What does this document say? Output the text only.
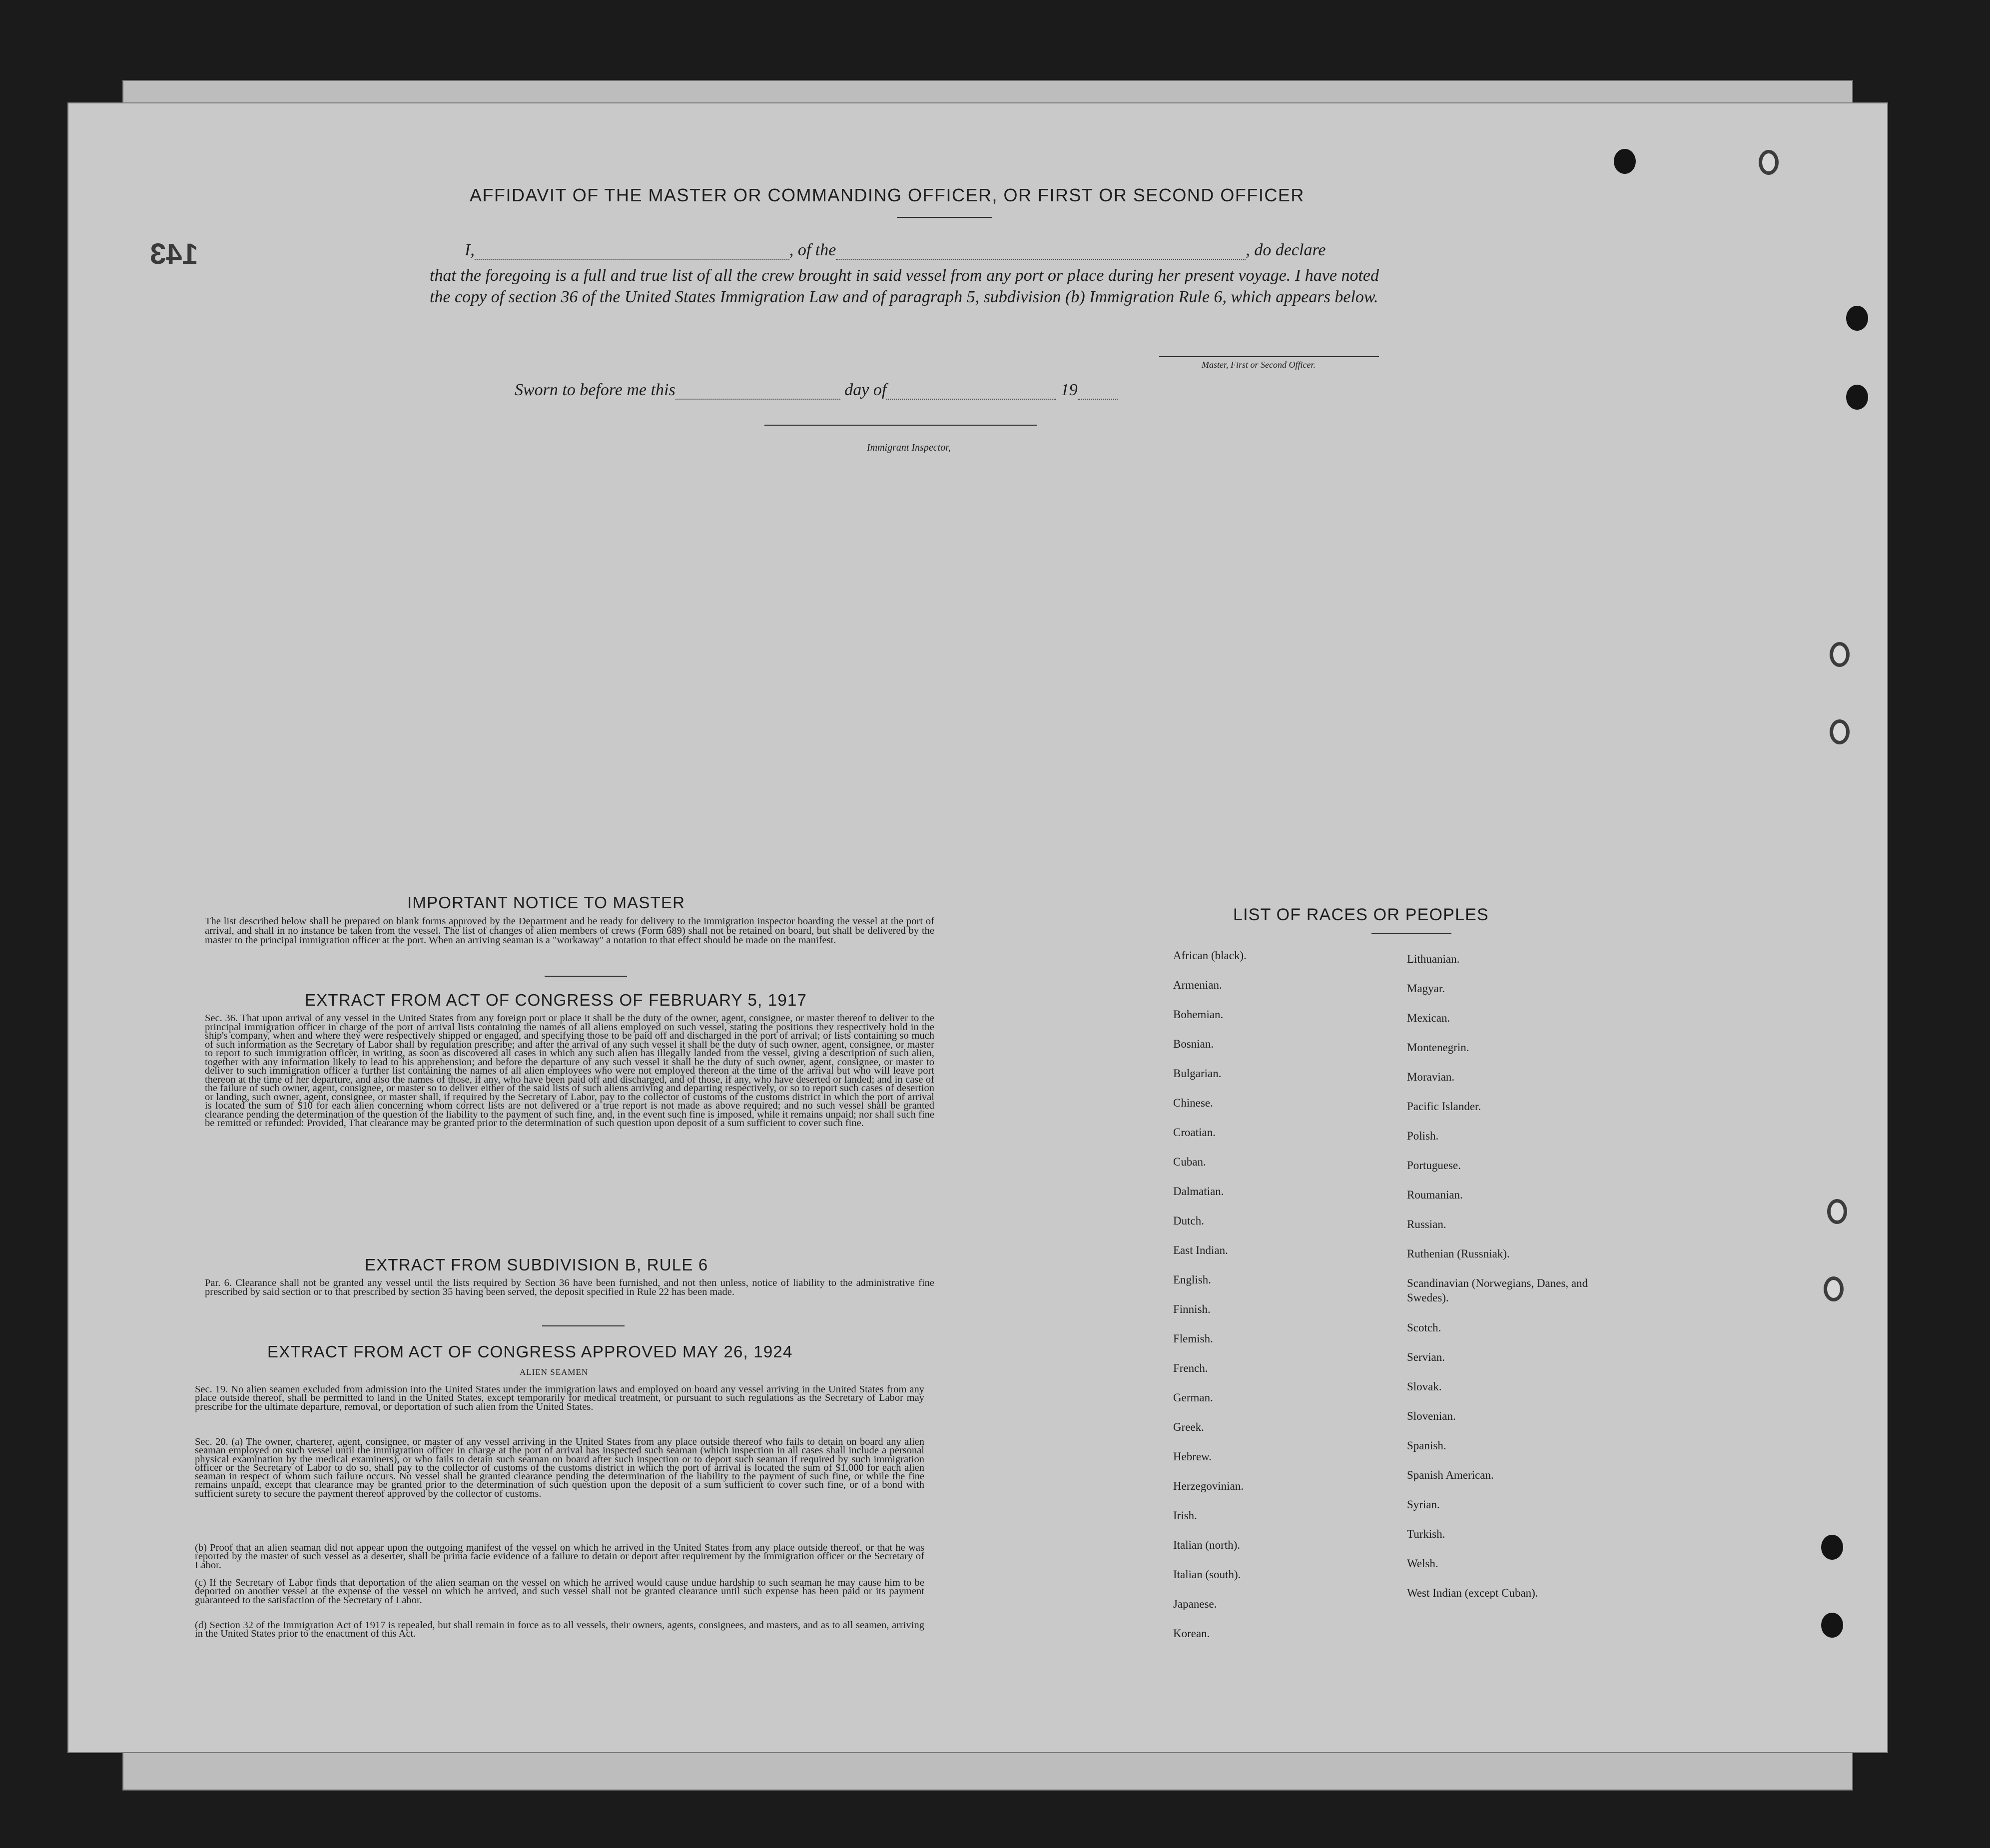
143
AFFIDAVIT OF THE MASTER OR COMMANDING OFFICER, OR FIRST OR SECOND OFFICER
I,	, of the	, do declare
that the foregoing is a full and true list of all the crew brought in said vessel from any port or place during her present voyage. I have noted the copy of section 36 of the United States Immigration Law and of paragraph 5, subdivision (b) Immigration Rule 6, which appears below.
Master, First or Second Officer.
Sworn to before me this	day of	19
Immigrant Inspector,
IMPORTANT NOTICE TO MASTER
The list described below shall be prepared on blank forms approved by the Department and be ready for delivery to the immigration inspector boarding the vessel at the port of arrival, and shall in no instance be taken from the vessel. The list of changes of alien members of crews (Form 689) shall not be retained on board, but shall be delivered by the master to the principal immigration officer at the port. When an arriving seaman is a "workaway" a notation to that effect should be made on the manifest.
EXTRACT FROM ACT OF CONGRESS OF FEBRUARY 5, 1917
Sec. 36. That upon arrival of any vessel in the United States from any foreign port or place it shall be the duty of the owner, agent, consignee, or master thereof to deliver to the principal immigration officer in charge of the port of arrival lists containing the names of all aliens employed on such vessel, stating the positions they respectively hold in the ship's company, when and where they were respectively shipped or engaged, and specifying those to be paid off and discharged in the port of arrival; or lists containing so much of such information as the Secretary of Labor shall by regulation prescribe; and after the arrival of any such vessel it shall be the duty of such owner, agent, consignee, or master to report to such immigration officer, in writing, as soon as discovered all cases in which any such alien has illegally landed from the vessel, giving a description of such alien, together with any information likely to lead to his apprehension; and before the departure of any such vessel it shall be the duty of such owner, agent, consignee, or master to deliver to such immigration officer a further list containing the names of all alien employees who were not employed thereon at the time of the arrival but who will leave port thereon at the time of her departure, and also the names of those, if any, who have been paid off and discharged, and of those, if any, who have deserted or landed; and in case of the failure of such owner, agent, consignee, or master so to deliver either of the said lists of such aliens arriving and departing respectively, or so to report such cases of desertion or landing, such owner, agent, consignee, or master shall, if required by the Secretary of Labor, pay to the collector of customs of the customs district in which the port of arrival is located the sum of $10 for each alien concerning whom correct lists are not delivered or a true report is not made as above required; and no such vessel shall be granted clearance pending the determination of the question of the liability to the payment of such fine, and, in the event such fine is imposed, while it remains unpaid; nor shall such fine be remitted or refunded: Provided, That clearance may be granted prior to the determination of such question upon deposit of a sum sufficient to cover such fine.
EXTRACT FROM SUBDIVISION B, RULE 6
Par. 6. Clearance shall not be granted any vessel until the lists required by Section 36 have been furnished, and not then unless, notice of liability to the administrative fine prescribed by said section or to that prescribed by section 35 having been served, the deposit specified in Rule 22 has been made.
EXTRACT FROM ACT OF CONGRESS APPROVED MAY 26, 1924
ALIEN SEAMEN
Sec. 19. No alien seamen excluded from admission into the United States under the immigration laws and employed on board any vessel arriving in the United States from any place outside thereof, shall be permitted to land in the United States, except temporarily for medical treatment, or pursuant to such regulations as the Secretary of Labor may prescribe for the ultimate departure, removal, or deportation of such alien from the United States.
Sec. 20. (a) The owner, charterer, agent, consignee, or master of any vessel arriving in the United States from any place outside thereof who fails to detain on board any alien seaman employed on such vessel until the immigration officer in charge at the port of arrival has inspected such seaman (which inspection in all cases shall include a personal physical examination by the medical examiners), or who fails to detain such seaman on board after such inspection or to deport such seaman if required by such immigration officer or the Secretary of Labor to do so, shall pay to the collector of customs of the customs district in which the port of arrival is located the sum of $1,000 for each alien seaman in respect of whom such failure occurs. No vessel shall be granted clearance pending the determination of the liability to the payment of such fine, or while the fine remains unpaid, except that clearance may be granted prior to the determination of such question upon the deposit of a sum sufficient to cover such fine, or of a bond with sufficient surety to secure the payment thereof approved by the collector of customs.
(b) Proof that an alien seaman did not appear upon the outgoing manifest of the vessel on which he arrived in the United States from any place outside thereof, or that he was reported by the master of such vessel as a deserter, shall be prima facie evidence of a failure to detain or deport after requirement by the immigration officer or the Secretary of Labor.
(c) If the Secretary of Labor finds that deportation of the alien seaman on the vessel on which he arrived would cause undue hardship to such seaman he may cause him to be deported on another vessel at the expense of the vessel on which he arrived, and such vessel shall not be granted clearance until such expense has been paid or its payment guaranteed to the satisfaction of the Secretary of Labor.
(d) Section 32 of the Immigration Act of 1917 is repealed, but shall remain in force as to all vessels, their owners, agents, consignees, and masters, and as to all seamen, arriving in the United States prior to the enactment of this Act.
LIST OF RACES OR PEOPLES
African (black).
Armenian.
Bohemian.
Bosnian.
Bulgarian.
Chinese.
Croatian.
Cuban.
Dalmatian.
Dutch.
East Indian.
English.
Finnish.
Flemish.
French.
German.
Greek.
Hebrew.
Herzegovinian.
Irish.
Italian (north).
Italian (south).
Japanese.
Korean.
Lithuanian.
Magyar.
Mexican.
Montenegrin.
Moravian.
Pacific Islander.
Polish.
Portuguese.
Roumanian.
Russian.
Ruthenian (Russniak).
Scandinavian (Norwegians, Danes, and Swedes).
Scotch.
Servian.
Slovak.
Slovenian.
Spanish.
Spanish American.
Syrian.
Turkish.
Welsh.
West Indian (except Cuban).
